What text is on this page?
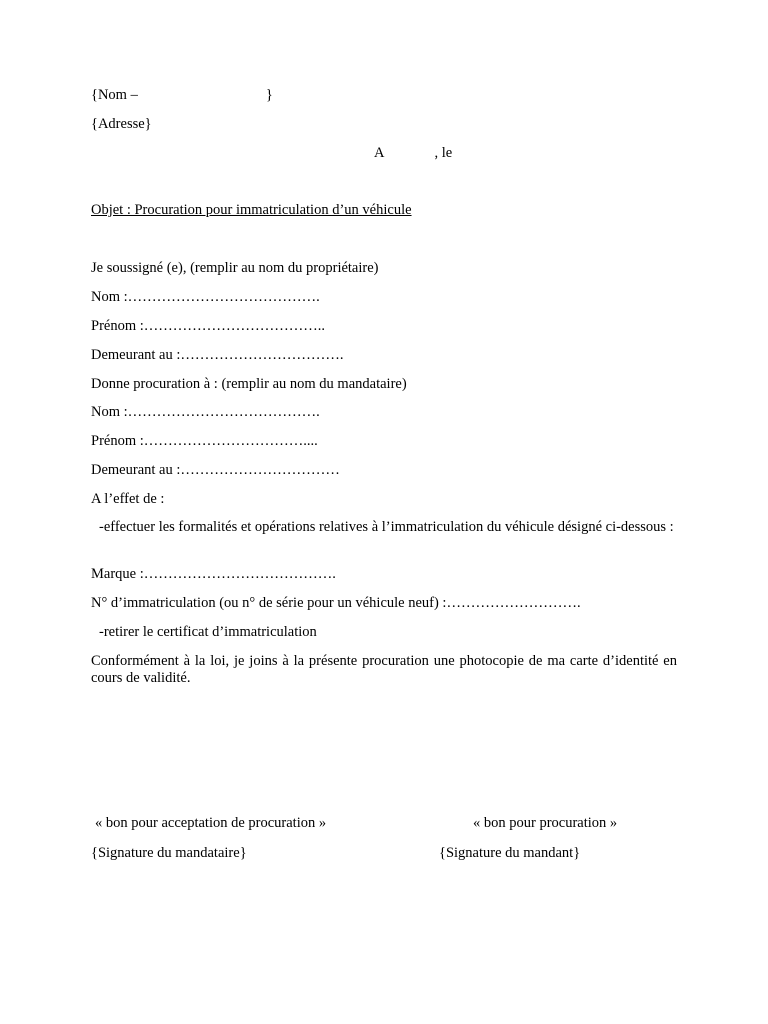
{Nom –	}
{Adresse}
A	, le
Objet : Procuration pour immatriculation d’un véhicule
Je soussigné (e), (remplir au nom du propriétaire)
Nom :………………………………….
Prénom :………………………………..
Demeurant au :…………………………….
Donne procuration à : (remplir au nom du mandataire)
Nom :………………………………….
Prénom :……………………………....
Demeurant au :……………………………
A l’effet de :
-effectuer les formalités et opérations relatives à l’immatriculation du véhicule désigné ci-dessous :
Marque :………………………………….
N° d’immatriculation (ou n° de série pour un véhicule neuf) :……………………….
-retirer le certificat d’immatriculation
Conformément à la loi, je joins à la présente procuration une photocopie de ma carte d’identité en cours de validité.
« bon pour acceptation de procuration »	« bon pour procuration »
{Signature du mandataire}	{Signature du mandant}
